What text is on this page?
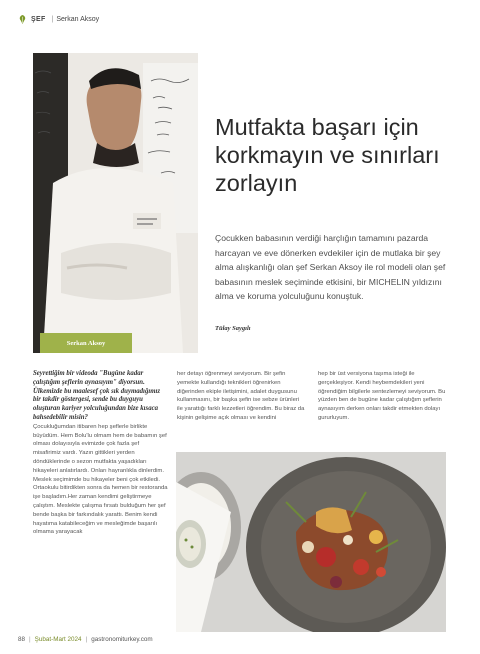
ŞEF | Serkan Aksoy
Serkan Aksoy
Mutfakta başarı için korkmayın ve sınırları zorlayın

Çocukken babasının verdiği harçlığın tamamını pazarda harcayan ve eve dönerken evdekiler için de mutlaka bir şey alma alışkanlığı olan şef Serkan Aksoy ile rol modeli olan şef babasının meslek seçiminde etkisini, bir MICHELIN yıldızını alma ve koruma yolculuğunu konuştuk.

Tülay Saygılı

Seyrettiğim bir videoda "Bugüne kadar çalıştığım şeflerin aynasıyım" diyorsun. Ülkemizde bu maalesef çok sık duymadığımız bir takdir göstergesi, sende bu duyguyu oluşturan kariyer yolculuğundan bize kısaca bahsedebilir misin?

Çocukluğumdan itibaren hep şeflerle birlikte büyüdüm. Hem Bolu'lu olmam hem de babamın şef olması dolayısıyla evimizde çok fazla şef misafirimiz vardı. Yazın gittikleri yerden döndüklerinde o sezon mutfakta yaşadıkları hikayeleri anlatırlardı. Onları hayranlıkla dinlerdim. Meslek seçimimde bu hikayeler beni çok etkiledi. Ortaokulu bitirdikten sonra da hemen bir restoranda işe başladım.Her zaman kendimi geliştirmeye çalıştım. Meslekte çalışma fırsatı bulduğum her şef bende başka bir farkındalık yarattı. Benim kendi hayatıma katabileceğim ve mesleğimde başarılı olmama yarayacak

her detayı öğrenmeyi seviyorum. Bir şefin yemekte kullandığı teknikleri öğrenirken diğerinden ekiple iletişimini, adalet duygusunu kullanmasını, bir başka şefin ise sebze ürünleri ile yarattığı farklı lezzetleri öğrendim. Bu biraz da kişinin gelişime açık olması ve kendini

hep bir üst versiyona taşıma isteği ile gerçekleşiyor. Kendi heybemdekileri yeni öğrendiğim bilgilerle sentezlemeyi seviyorum. Bu yüzden ben de bugüne kadar çalıştığım şeflerin aynasıyım derken onları takdir etmekten dolayı gururluyum.

88 | Şubat-Mart 2024 | gastronomiturkey.com
